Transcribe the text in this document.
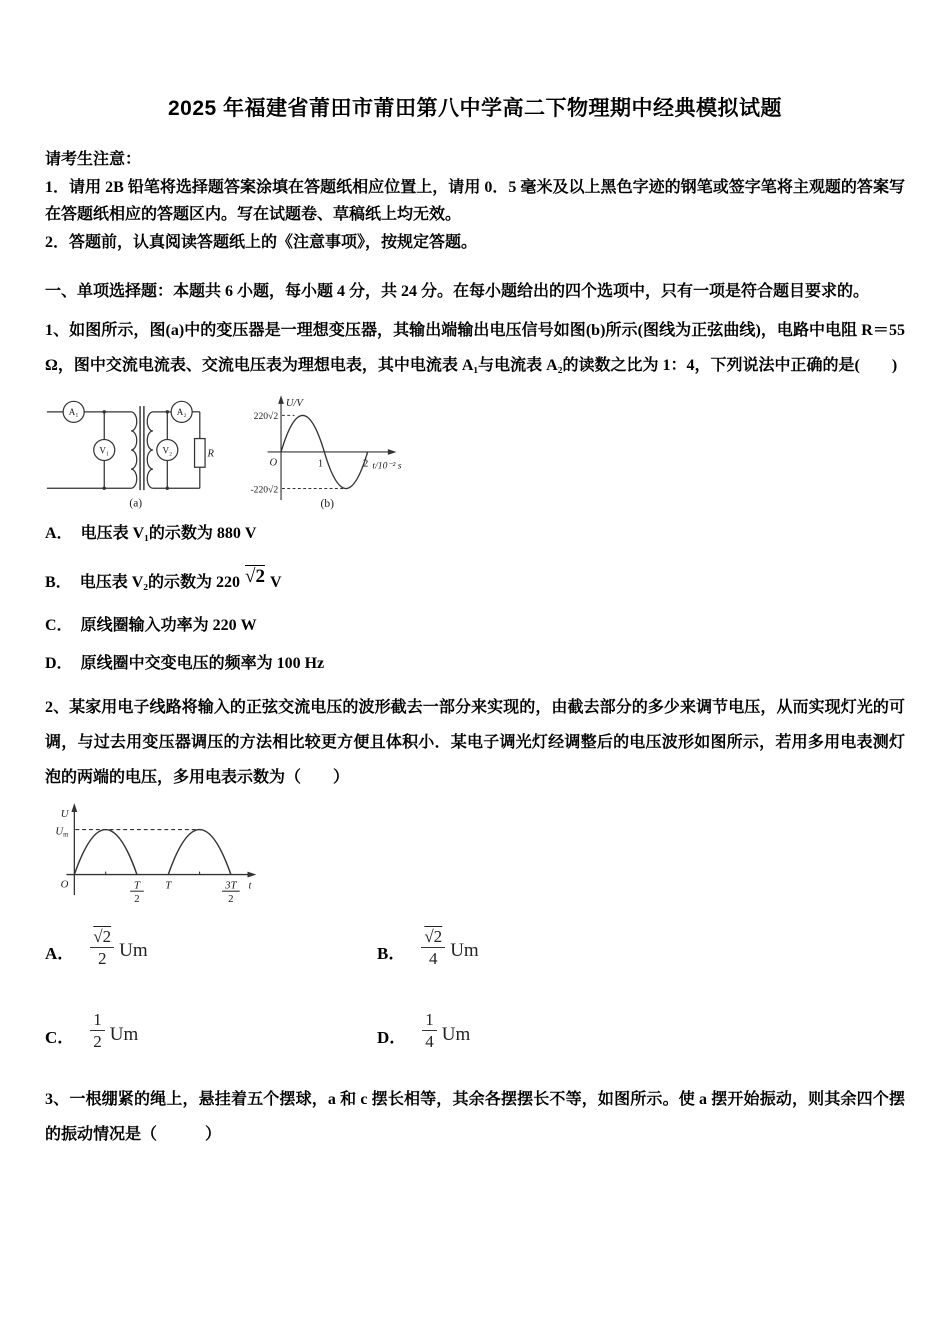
2025 年福建省莆田市莆田第八中学高二下物理期中经典模拟试题

请考生注意：

1．请用 2B 铅笔将选择题答案涂填在答题纸相应位置上，请用 0．5 毫米及以上黑色字迹的钢笔或签字笔将主观题的答案写在答题纸相应的答题区内。写在试题卷、草稿纸上均无效。

2．答题前，认真阅读答题纸上的《注意事项》，按规定答题。

一、单项选择题：本题共 6 小题，每小题 4 分，共 24 分。在每小题给出的四个选项中，只有一项是符合题目要求的。

1、如图所示，图(a)中的变压器是一理想变压器，其输出端输出电压信号如图(b)所示(图线为正弦曲线)，电路中电阻 R＝55 Ω，图中交流电流表、交流电压表为理想电表，其中电流表 A₁与电流表 A₂的读数之比为 1：4，下列说法中正确的是(　　)

A₁
V₁
A₂
V₂	R
(a)
U/V
220√2
-220√2
O	1	2 t/10⁻² s
(b)

A． 电压表 V₁的示数为 880 V

B． 电压表 V₂的示数为 220 √2 V

C． 原线圈输入功率为 220 W

D． 原线圈中交变电压的频率为 100 Hz

2、某家用电子线路将输入的正弦交流电压的波形截去一部分来实现的，由截去部分的多少来调节电压，从而实现灯光的可调，与过去用变压器调压的方法相比较更方便且体积小．某电子调光灯经调整后的电压波形如图所示，若用多用电表测灯泡的两端的电压，多用电表示数为（　　）

U
Um
O	T
2
T	3T
2
t
A． $\frac{√2}{2}$ Um	B． $\frac{√2}{4}$ Um
C． $\frac{1}{2}$ Um	D． $\frac{1}{4}$ Um

3、一根绷紧的绳上，悬挂着五个摆球，a 和 c 摆长相等，其余各摆摆长不等，如图所示。使 a 摆开始振动，则其余四个摆的振动情况是（　　　）
